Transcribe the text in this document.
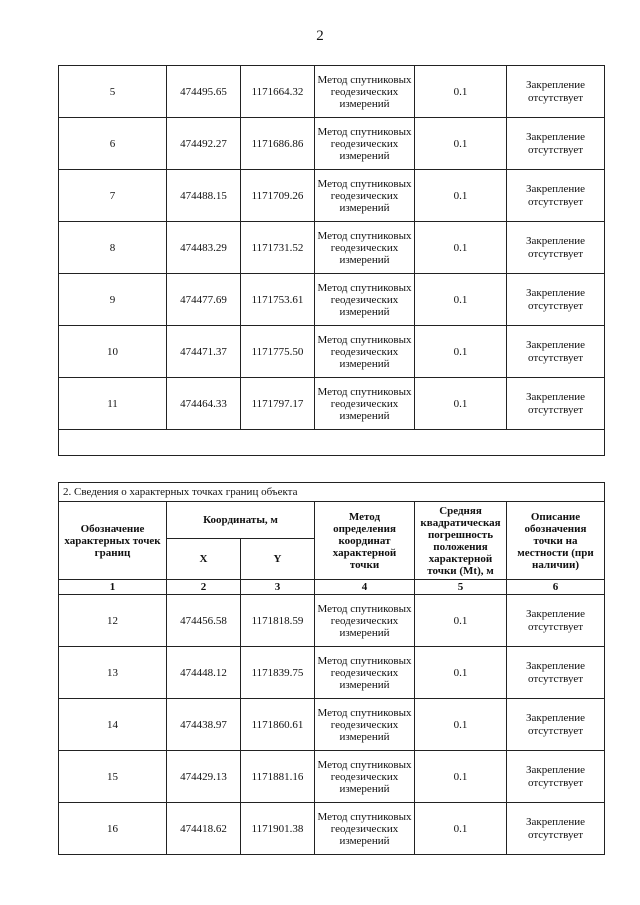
2
5	474495.65	1171664.32	Метод спутниковых геодезических измерений	0.1	Закрепление отсутствует
6	474492.27	1171686.86	Метод спутниковых геодезических измерений	0.1	Закрепление отсутствует
7	474488.15	1171709.26	Метод спутниковых геодезических измерений	0.1	Закрепление отсутствует
8	474483.29	1171731.52	Метод спутниковых геодезических измерений	0.1	Закрепление отсутствует
9	474477.69	1171753.61	Метод спутниковых геодезических измерений	0.1	Закрепление отсутствует
10	474471.37	1171775.50	Метод спутниковых геодезических измерений	0.1	Закрепление отсутствует
11	474464.33	1171797.17	Метод спутниковых геодезических измерений	0.1	Закрепление отсутствует

2. Сведения о характерных точках границ объекта					
Обозначение характерных точек границ	Координаты, м		Метод определения координат характерной точки	Средняя квадратическая погрешность положения характерной точки (Mt), м	Описание обозначения точки на местности (при наличии)
	X	Y			
1	2	3	4	5	6
12	474456.58	1171818.59	Метод спутниковых геодезических измерений	0.1	Закрепление отсутствует
13	474448.12	1171839.75	Метод спутниковых геодезических измерений	0.1	Закрепление отсутствует
14	474438.97	1171860.61	Метод спутниковых геодезических измерений	0.1	Закрепление отсутствует
15	474429.13	1171881.16	Метод спутниковых геодезических измерений	0.1	Закрепление отсутствует
16	474418.62	1171901.38	Метод спутниковых геодезических измерений	0.1	Закрепление отсутствует
